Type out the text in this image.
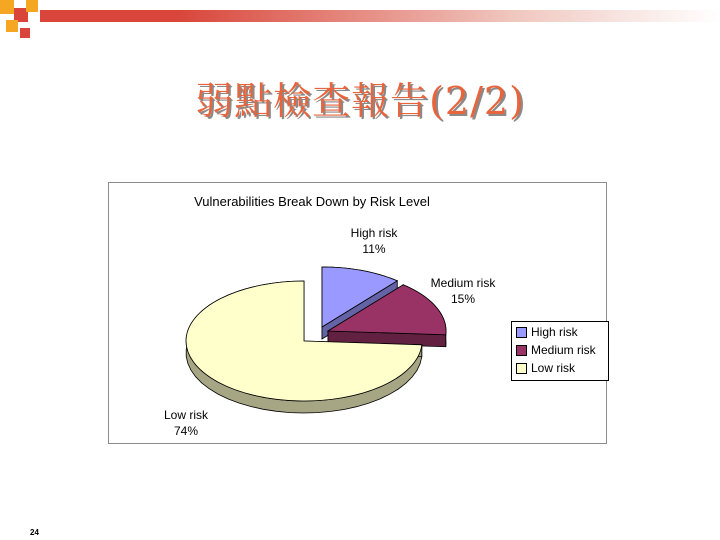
弱點檢查報告(2/2)
Vulnerabilities Break Down by Risk Level
High risk
11%
Medium risk
15%
Low risk
74%
High risk
Medium risk
Low risk
24
